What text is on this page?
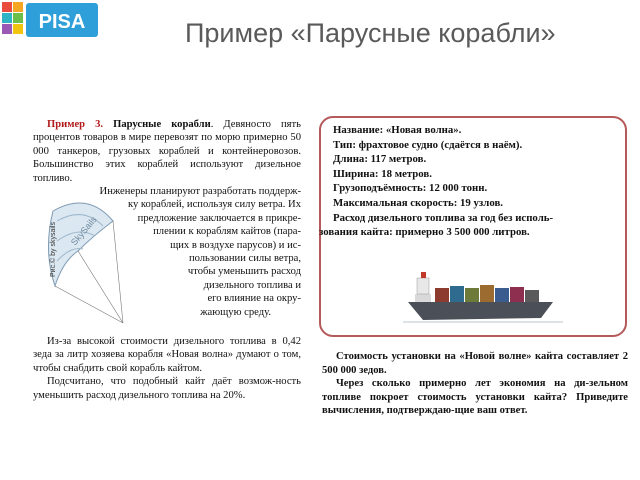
PISA	Пример «Парусные корабли»

Пример 3. Парусные корабли. Девяносто пять процентов товаров в мире перевозят по морю примерно 50 000 танкеров, грузовых кораблей и контейнеровозов. Большинство этих кораблей используют дизельное топливо.

SkySails
Рис.© by skysails
Инженеры планируют разработать поддерж-
ку кораблей, используя силу ветра. Их
предложение заключается в прикре-
плении к кораблям кайтов (пара-
щих в воздухе парусов) и ис-
пользовании силы ветра,
чтобы уменьшить расход
дизельного топлива и
его влияние на окру-
жающую среду.

Из-за высокой стоимости дизельного топлива в 0,42 зеда за литр хозяева корабля «Новая волна» думают о том, чтобы снабдить свой корабль кайтом.

Подсчитано, что подобный кайт даёт возмож-ность уменьшить расход дизельного топлива на 20%.

Название: «Новая волна».
Тип: фрахтовое судно (сдаётся в наём).
Длина: 117 метров.
Ширина: 18 метров.
Грузоподъёмность: 12 000 тонн.
Максимальная скорость: 19 узлов.
Расход дизельного топлива за год без исполь-
зования кайта: примерно 3 500 000 литров.

Стоимость установки на «Новой волне» кайта составляет 2 500 000 зедов.

Через сколько примерно лет экономия на ди-зельном топливе покроет стоимость установки кайта? Приведите вычисления, подтверждаю-щие ваш ответ.
